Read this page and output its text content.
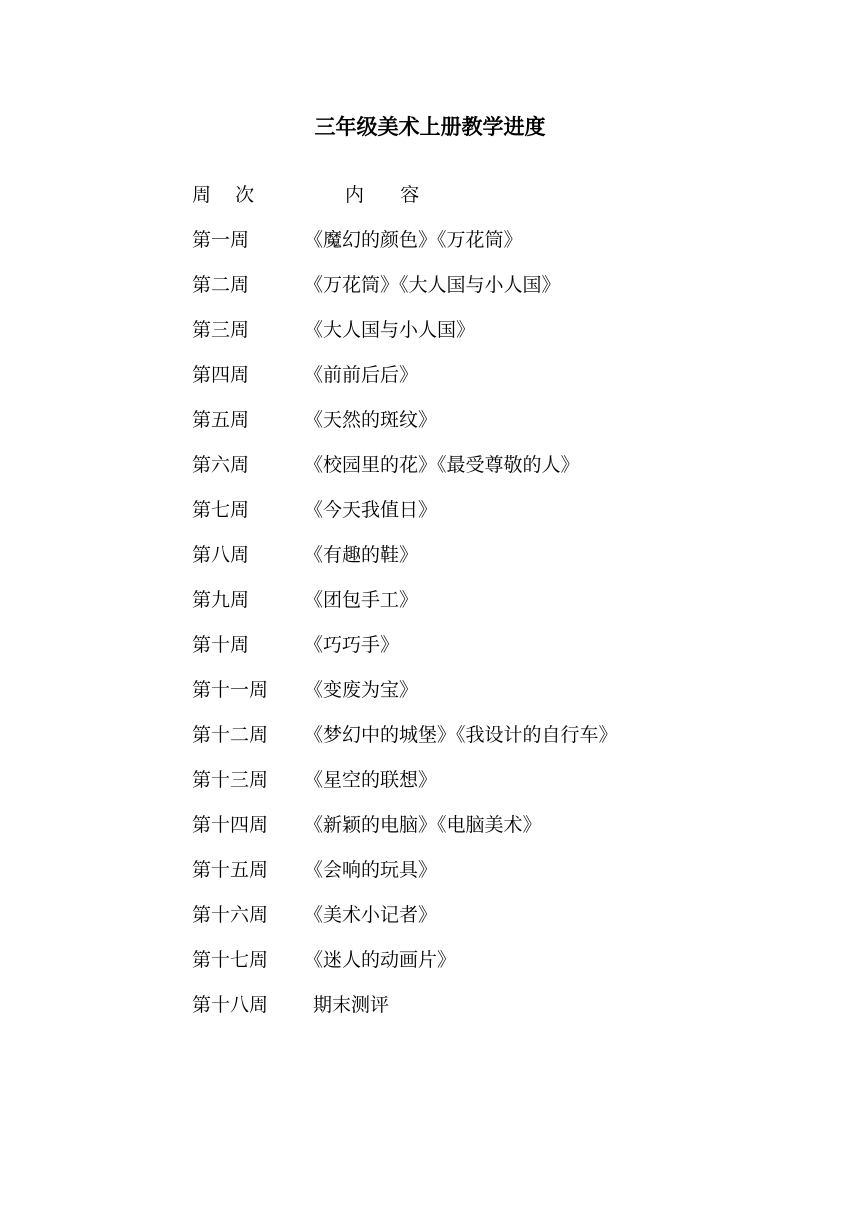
三年级美术上册教学进度
周    次	内      容
第一周	《魔幻的颜色》《万花筒》
第二周	《万花筒》《大人国与小人国》
第三周	《大人国与小人国》
第四周	《前前后后》
第五周	《天然的斑纹》
第六周	《校园里的花》《最受尊敬的人》
第七周	《今天我值日》
第八周	《有趣的鞋》
第九周	《团包手工》
第十周	《巧巧手》
第十一周 《变废为宝》
第十二周 《梦幻中的城堡》《我设计的自行车》
第十三周 《星空的联想》
第十四周 《新颖的电脑》《电脑美术》
第十五周 《会响的玩具》
第十六周 《美术小记者》
第十七周 《迷人的动画片》
第十八周 期末测评
